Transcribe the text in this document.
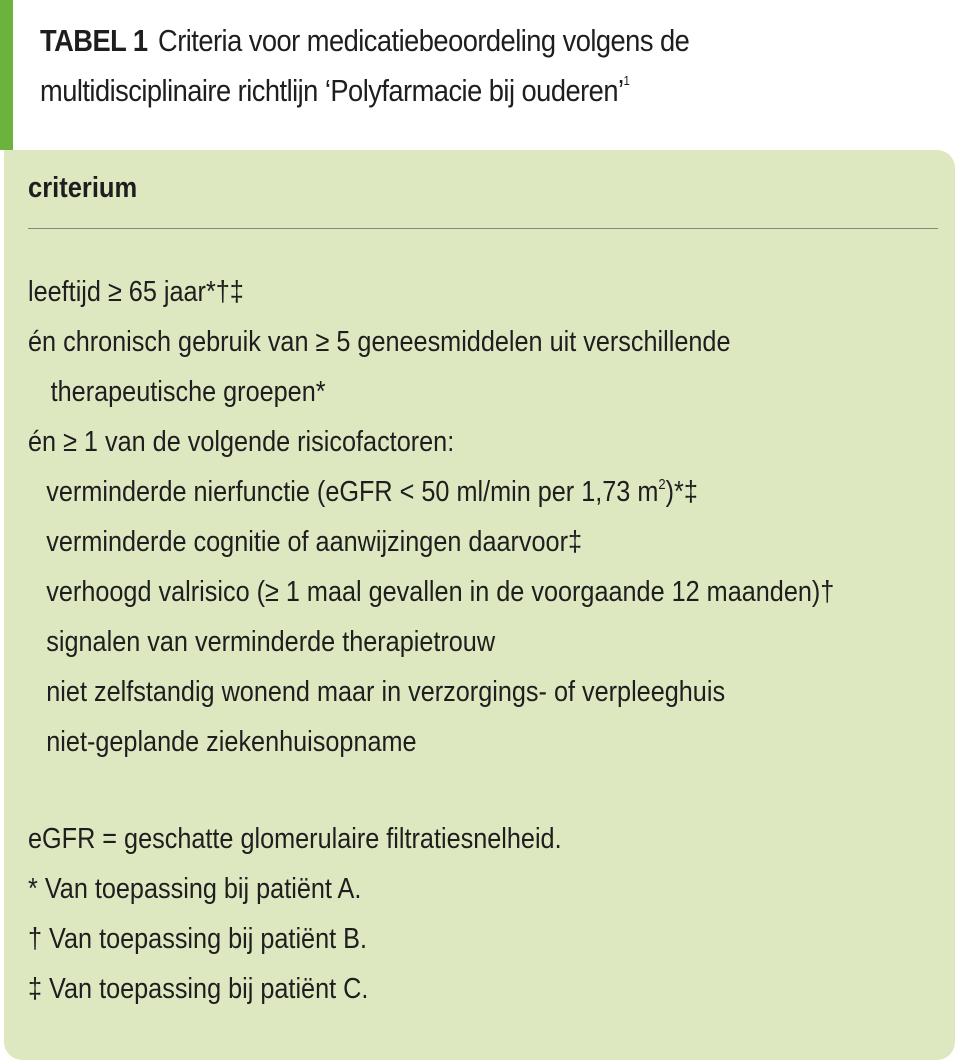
TABEL 1 Criteria voor medicatiebeoordeling volgens de
multidisciplinaire richtlijn ‘Polyfarmacie bij ouderen’$^1$
criterium
leeftijd ≥ 65 jaar*†‡
én chronisch gebruik van ≥ 5 geneesmiddelen uit verschillende
therapeutische groepen*
én ≥ 1 van de volgende risicofactoren:
verminderde nierfunctie (eGFR < 50 ml/min per 1,73 $m^2)*\ddagger$
verminderde cognitie of aanwijzingen daarvoor‡
verhoogd valrisico (≥ 1 maal gevallen in de voorgaande 12 maanden)†
signalen van verminderde therapietrouw
niet zelfstandig wonend maar in verzorgings- of verpleeghuis
niet-geplande ziekenhuisopname
eGFR = geschatte glomerulaire filtratiesnelheid.
* Van toepassing bij patiënt A.
† Van toepassing bij patiënt B.
‡ Van toepassing bij patiënt C.
